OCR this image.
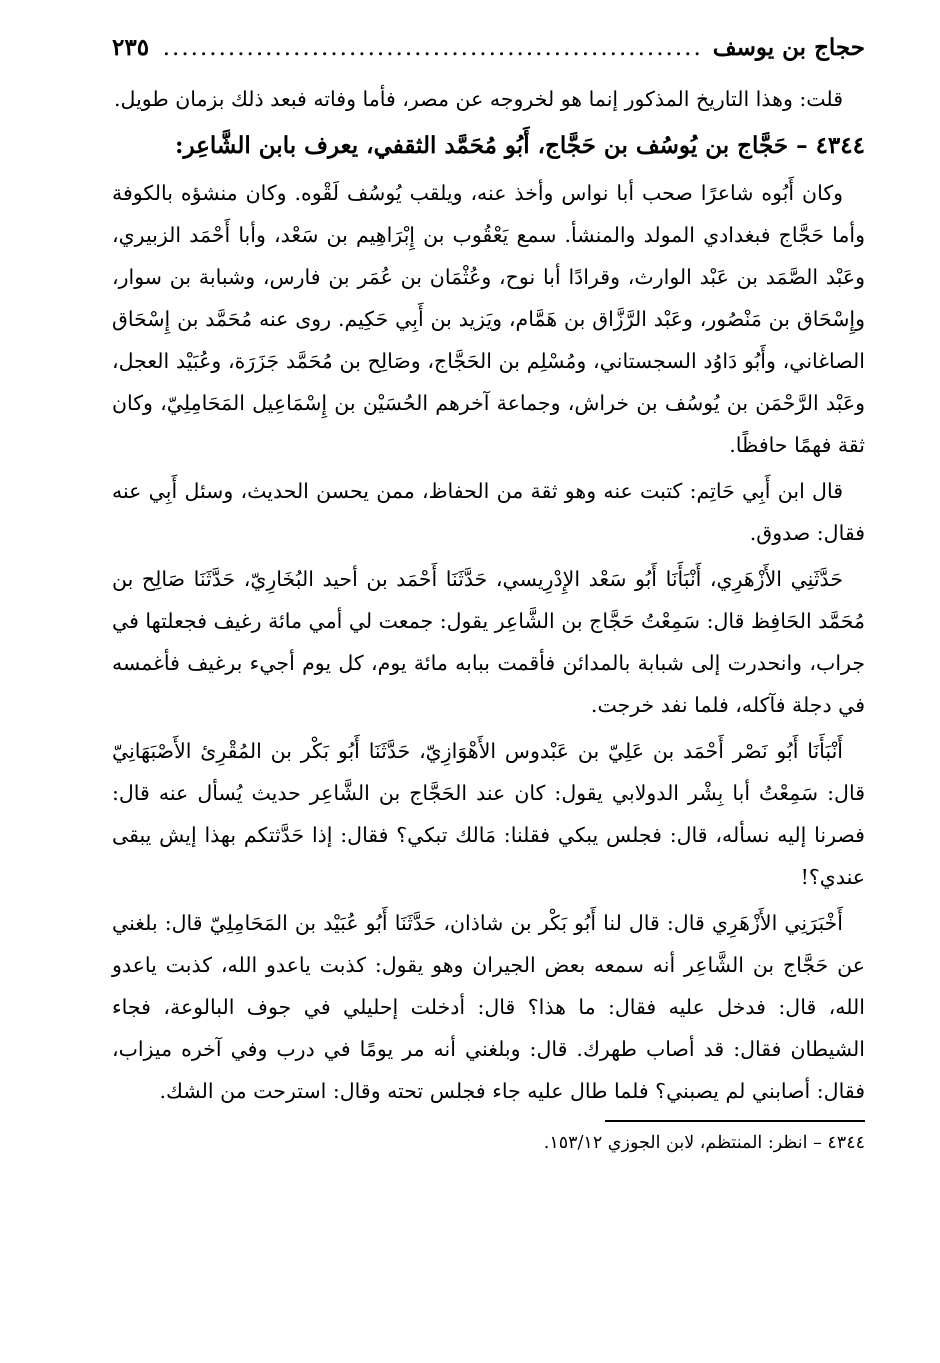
حجاج بن يوسف
.....
٢٣٥

قلت: وهذا التاريخ المذكور إنما هو لخروجه عن مصر، فأما وفاته فبعد ذلك بزمان طويل.

٤٣٤٤ – حَجَّاج بن يُوسُف بن حَجَّاج، أَبُو مُحَمَّد الثقفي، يعرف بابن الشَّاعِر:

وكان أَبُوه شاعرًا صحب أبا نواس وأخذ عنه، ويلقب يُوسُف لَقْوه. وكان منشؤه بالكوفة وأما حَجَّاج فبغدادي المولد والمنشأ. سمع يَعْقُوب بن إِبْرَاهِيم بن سَعْد، وأبا أَحْمَد الزبيري، وعَبْد الصَّمَد بن عَبْد الوارث، وقرادًا أبا نوح، وعُثْمَان بن عُمَر بن فارس، وشبابة بن سوار، وإِسْحَاق بن مَنْصُور، وعَبْد الرَّزَّاق بن هَمَّام، ويَزيد بن أَبِي حَكِيم. روى عنه مُحَمَّد بن إِسْحَاق الصاغاني، وأَبُو دَاوُد السجستاني، ومُسْلِم بن الحَجَّاج، وصَالِح بن مُحَمَّد جَزَرَة، وعُبَيْد العجل، وعَبْد الرَّحْمَن بن يُوسُف بن خراش، وجماعة آخرهم الحُسَيْن بن إِسْمَاعِيل المَحَامِلِيّ، وكان ثقة فهمًا حافظًا.

قال ابن أَبِي حَاتِم: كتبت عنه وهو ثقة من الحفاظ، ممن يحسن الحديث، وسئل أَبِي عنه فقال: صدوق.

حَدَّثَنِي الأَزْهَرِي، أَنْبَأَنَا أَبُو سَعْد الإِدْرِيسي، حَدَّثَنَا أَحْمَد بن أحيد البُخَارِيّ، حَدَّثَنَا صَالِح بن مُحَمَّد الحَافِظ قال: سَمِعْتُ حَجَّاج بن الشَّاعِر يقول: جمعت لي أمي مائة رغيف فجعلتها في جراب، وانحدرت إلى شبابة بالمدائن فأقمت ببابه مائة يوم، كل يوم أجيء برغيف فأغمسه في دجلة فآكله، فلما نفد خرجت.

أَنْبَأَنَا أَبُو نَصْر أَحْمَد بن عَلِيّ بن عَبْدوس الأَهْوَازِيّ، حَدَّثَنَا أَبُو بَكْر بن المُقْرِئ الأَصْبَهَانِيّ قال: سَمِعْتُ أبا بِشْر الدولابي يقول: كان عند الحَجَّاج بن الشَّاعِر حديث يُسأل عنه قال: فصرنا إليه نسأله، قال: فجلس يبكي فقلنا: مَالك تبكي؟ فقال: إذا حَدَّثتكم بهذا إيش يبقى عندي؟!

أَخْبَرَنِي الأَزْهَرِي قال: قال لنا أَبُو بَكْر بن شاذان، حَدَّثَنَا أَبُو عُبَيْد بن المَحَامِلِيّ قال: بلغني عن حَجَّاج بن الشَّاعِر أنه سمعه بعض الجيران وهو يقول: كذبت ياعدو الله، كذبت ياعدو الله، قال: فدخل عليه فقال: ما هذا؟ قال: أدخلت إحليلي في جوف البالوعة، فجاء الشيطان فقال: قد أصاب طهرك. قال: وبلغني أنه مر يومًا في درب وفي آخره ميزاب، فقال: أصابني لم يصبني؟ فلما طال عليه جاء فجلس تحته وقال: استرحت من الشك.

٤٣٤٤ – انظر: المنتظم، لابن الجوزي ١٥٣/١٢.
